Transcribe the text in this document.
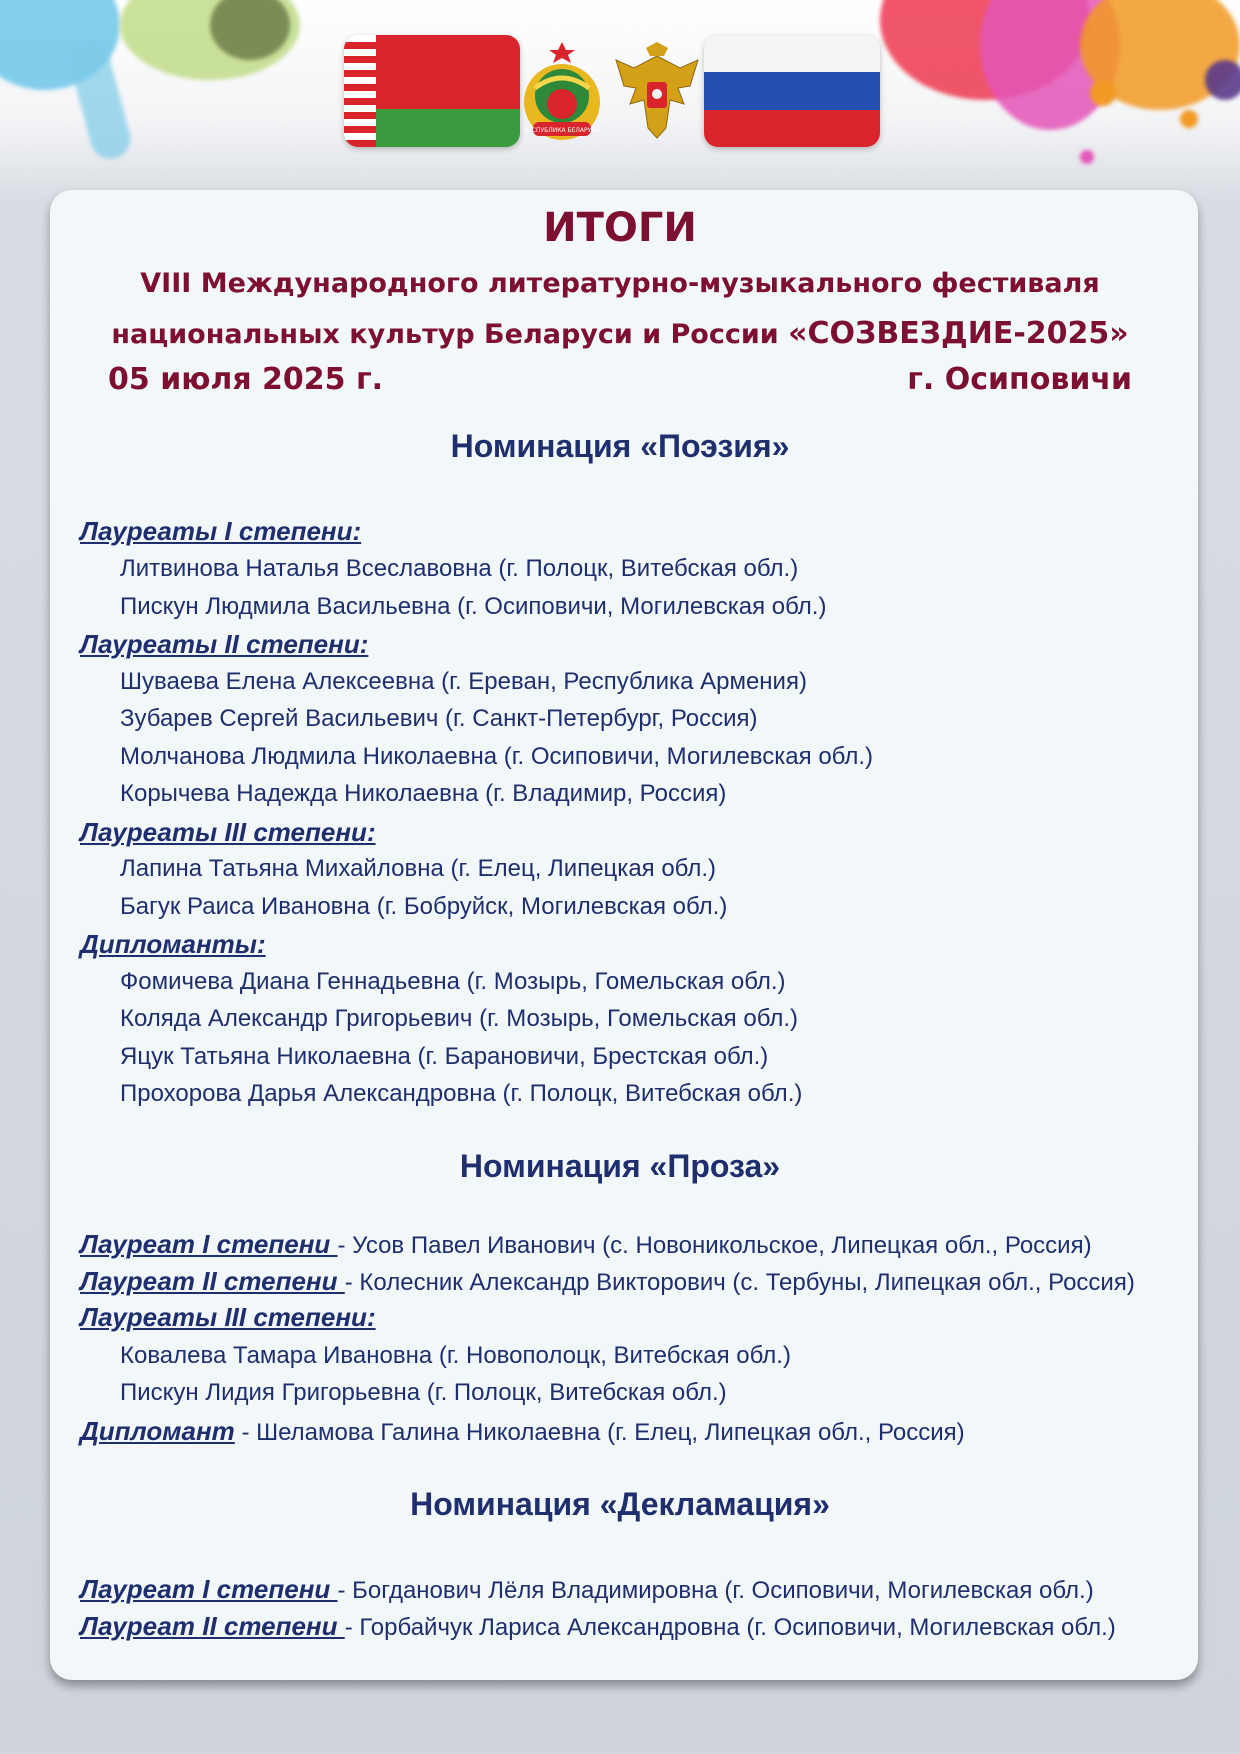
РЕСПУБЛИКА БЕЛАРУСЬ
ИТОГИ
VIII Международного литературно-музыкального фестиваля
национальных культур Беларуси и России «СОЗВЕЗДИЕ-2025»
05 июля 2025 г.	г. Осиповичи
Номинация «Поэзия»
Лауреаты I степени:
Литвинова Наталья Всеславовна (г. Полоцк, Витебская обл.)
Пискун Людмила Васильевна (г. Осиповичи, Могилевская обл.)
Лауреаты II степени:
Шуваева Елена Алексеевна (г. Ереван, Республика Армения)
Зубарев Сергей Васильевич (г. Санкт-Петербург, Россия)
Молчанова Людмила Николаевна (г. Осиповичи, Могилевская обл.)
Корычева Надежда Николаевна (г. Владимир, Россия)
Лауреаты III степени:
Лапина Татьяна Михайловна (г. Елец, Липецкая обл.)
Багук Раиса Ивановна (г. Бобруйск, Могилевская обл.)
Дипломанты:
Фомичева Диана Геннадьевна (г. Мозырь, Гомельская обл.)
Коляда Александр Григорьевич (г. Мозырь, Гомельская обл.)
Яцук Татьяна Николаевна (г. Барановичи, Брестская обл.)
Прохорова Дарья Александровна (г. Полоцк, Витебская обл.)
Номинация «Проза»
Лауреат I степени - Усов Павел Иванович (с. Новоникольское, Липецкая обл., Россия)
Лауреат II степени - Колесник Александр Викторович (с. Тербуны, Липецкая обл., Россия)
Лауреаты III степени:
Ковалева Тамара Ивановна (г. Новополоцк, Витебская обл.)
Пискун Лидия Григорьевна (г. Полоцк, Витебская обл.)
Дипломант - Шеламова Галина Николаевна (г. Елец, Липецкая обл., Россия)
Номинация «Декламация»
Лауреат I степени - Богданович Лёля Владимировна (г. Осиповичи, Могилевская обл.)
Лауреат II степени - Горбайчук Лариса Александровна (г. Осиповичи, Могилевская обл.)
